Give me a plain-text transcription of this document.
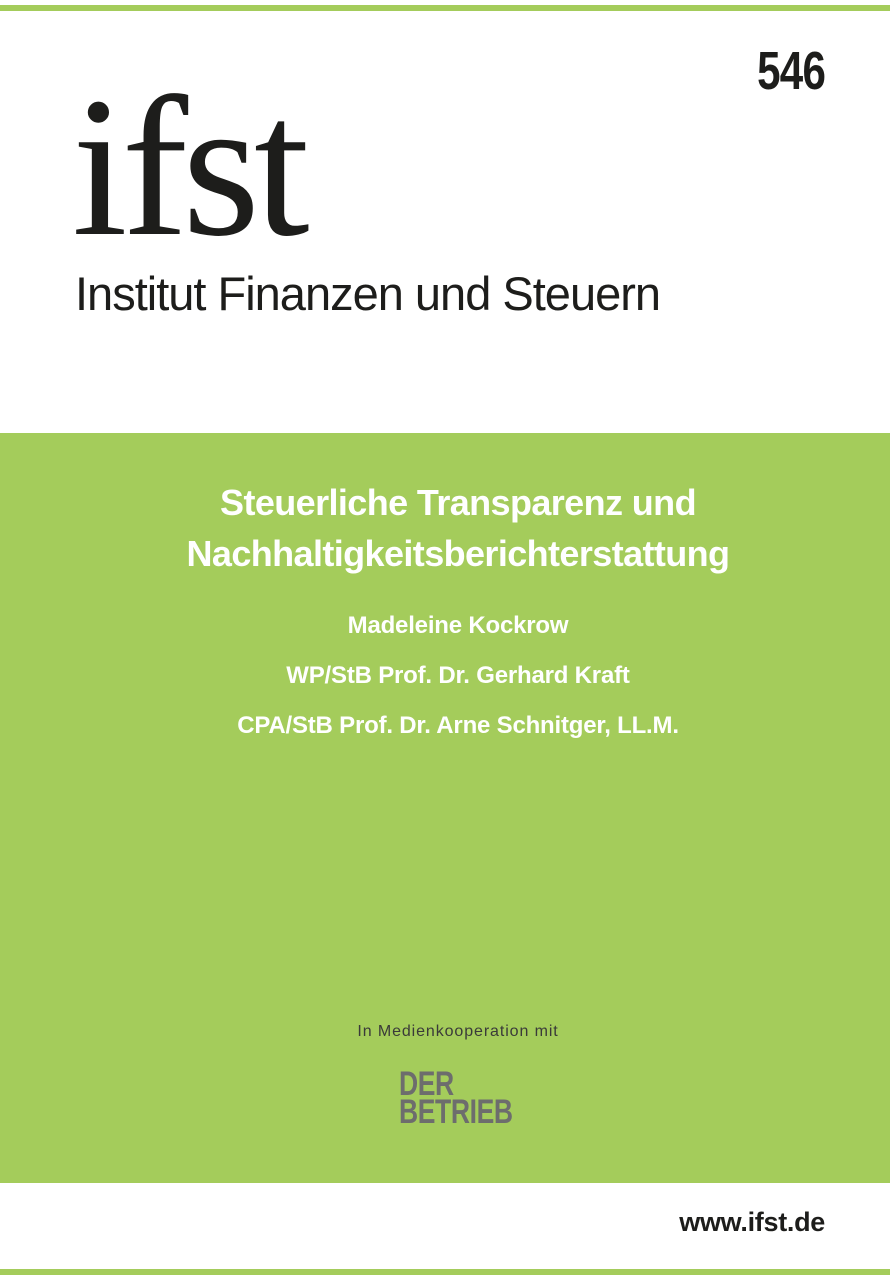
546
ifst
Institut Finanzen und Steuern
Steuerliche Transparenz und
Nachhaltigkeitsberichterstattung
Madeleine Kockrow
WP/StB Prof. Dr. Gerhard Kraft
CPA/StB Prof. Dr. Arne Schnitger, LL.M.
In Medienkooperation mit
DER
BETRIEB
www.ifst.de
